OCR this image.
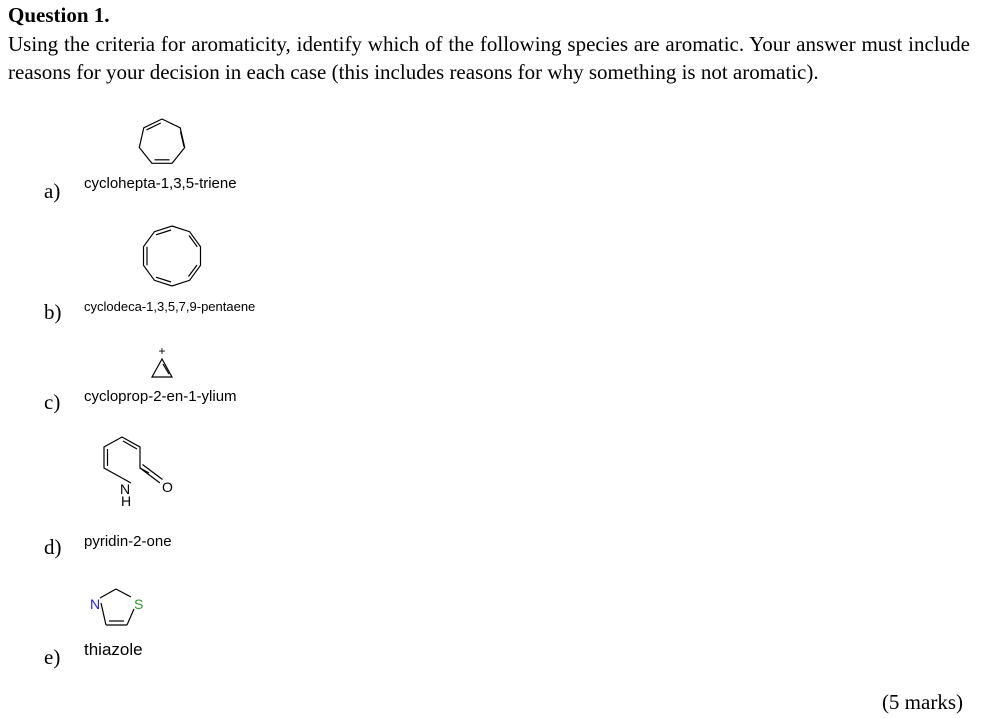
Question 1.
Using the criteria for aromaticity, identify which of the following species are aromatic. Your answer must include reasons for your decision in each case (this includes reasons for why something is not aromatic).
a) cyclohepta-1,3,5-triene
b) cyclodeca-1,3,5,7,9-pentaene
+
c) cycloprop-2-en-1-ylium
N
H
O
d) pyridin-2-one
N S
e) thiazole
(5 marks)
